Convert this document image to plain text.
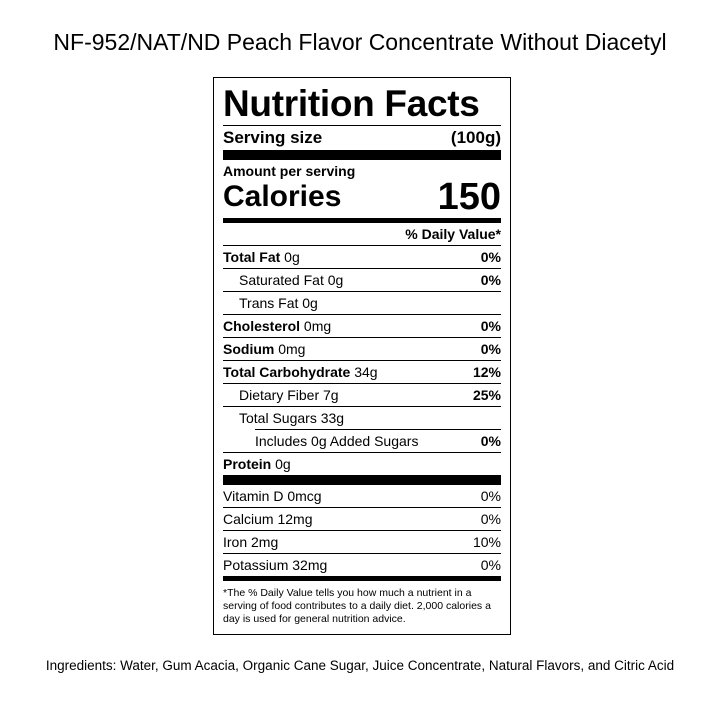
NF-952/NAT/ND Peach Flavor Concentrate Without Diacetyl
Nutrition Facts
Serving size	(100g)
Amount per serving
Calories	150
% Daily Value*
Total Fat 0g	0%
Saturated Fat 0g	0%
Trans Fat 0g
Cholesterol 0mg	0%
Sodium 0mg	0%
Total Carbohydrate 34g	12%
Dietary Fiber 7g	25%
Total Sugars 33g
Includes 0g Added Sugars	0%
Protein 0g
Vitamin D 0mcg	0%
Calcium 12mg	0%
Iron 2mg	10%
Potassium 32mg	0%
*The % Daily Value tells you how much a nutrient in a serving of food contributes to a daily diet. 2,000 calories a day is used for general nutrition advice.
Ingredients: Water, Gum Acacia, Organic Cane Sugar, Juice Concentrate, Natural Flavors, and Citric Acid
